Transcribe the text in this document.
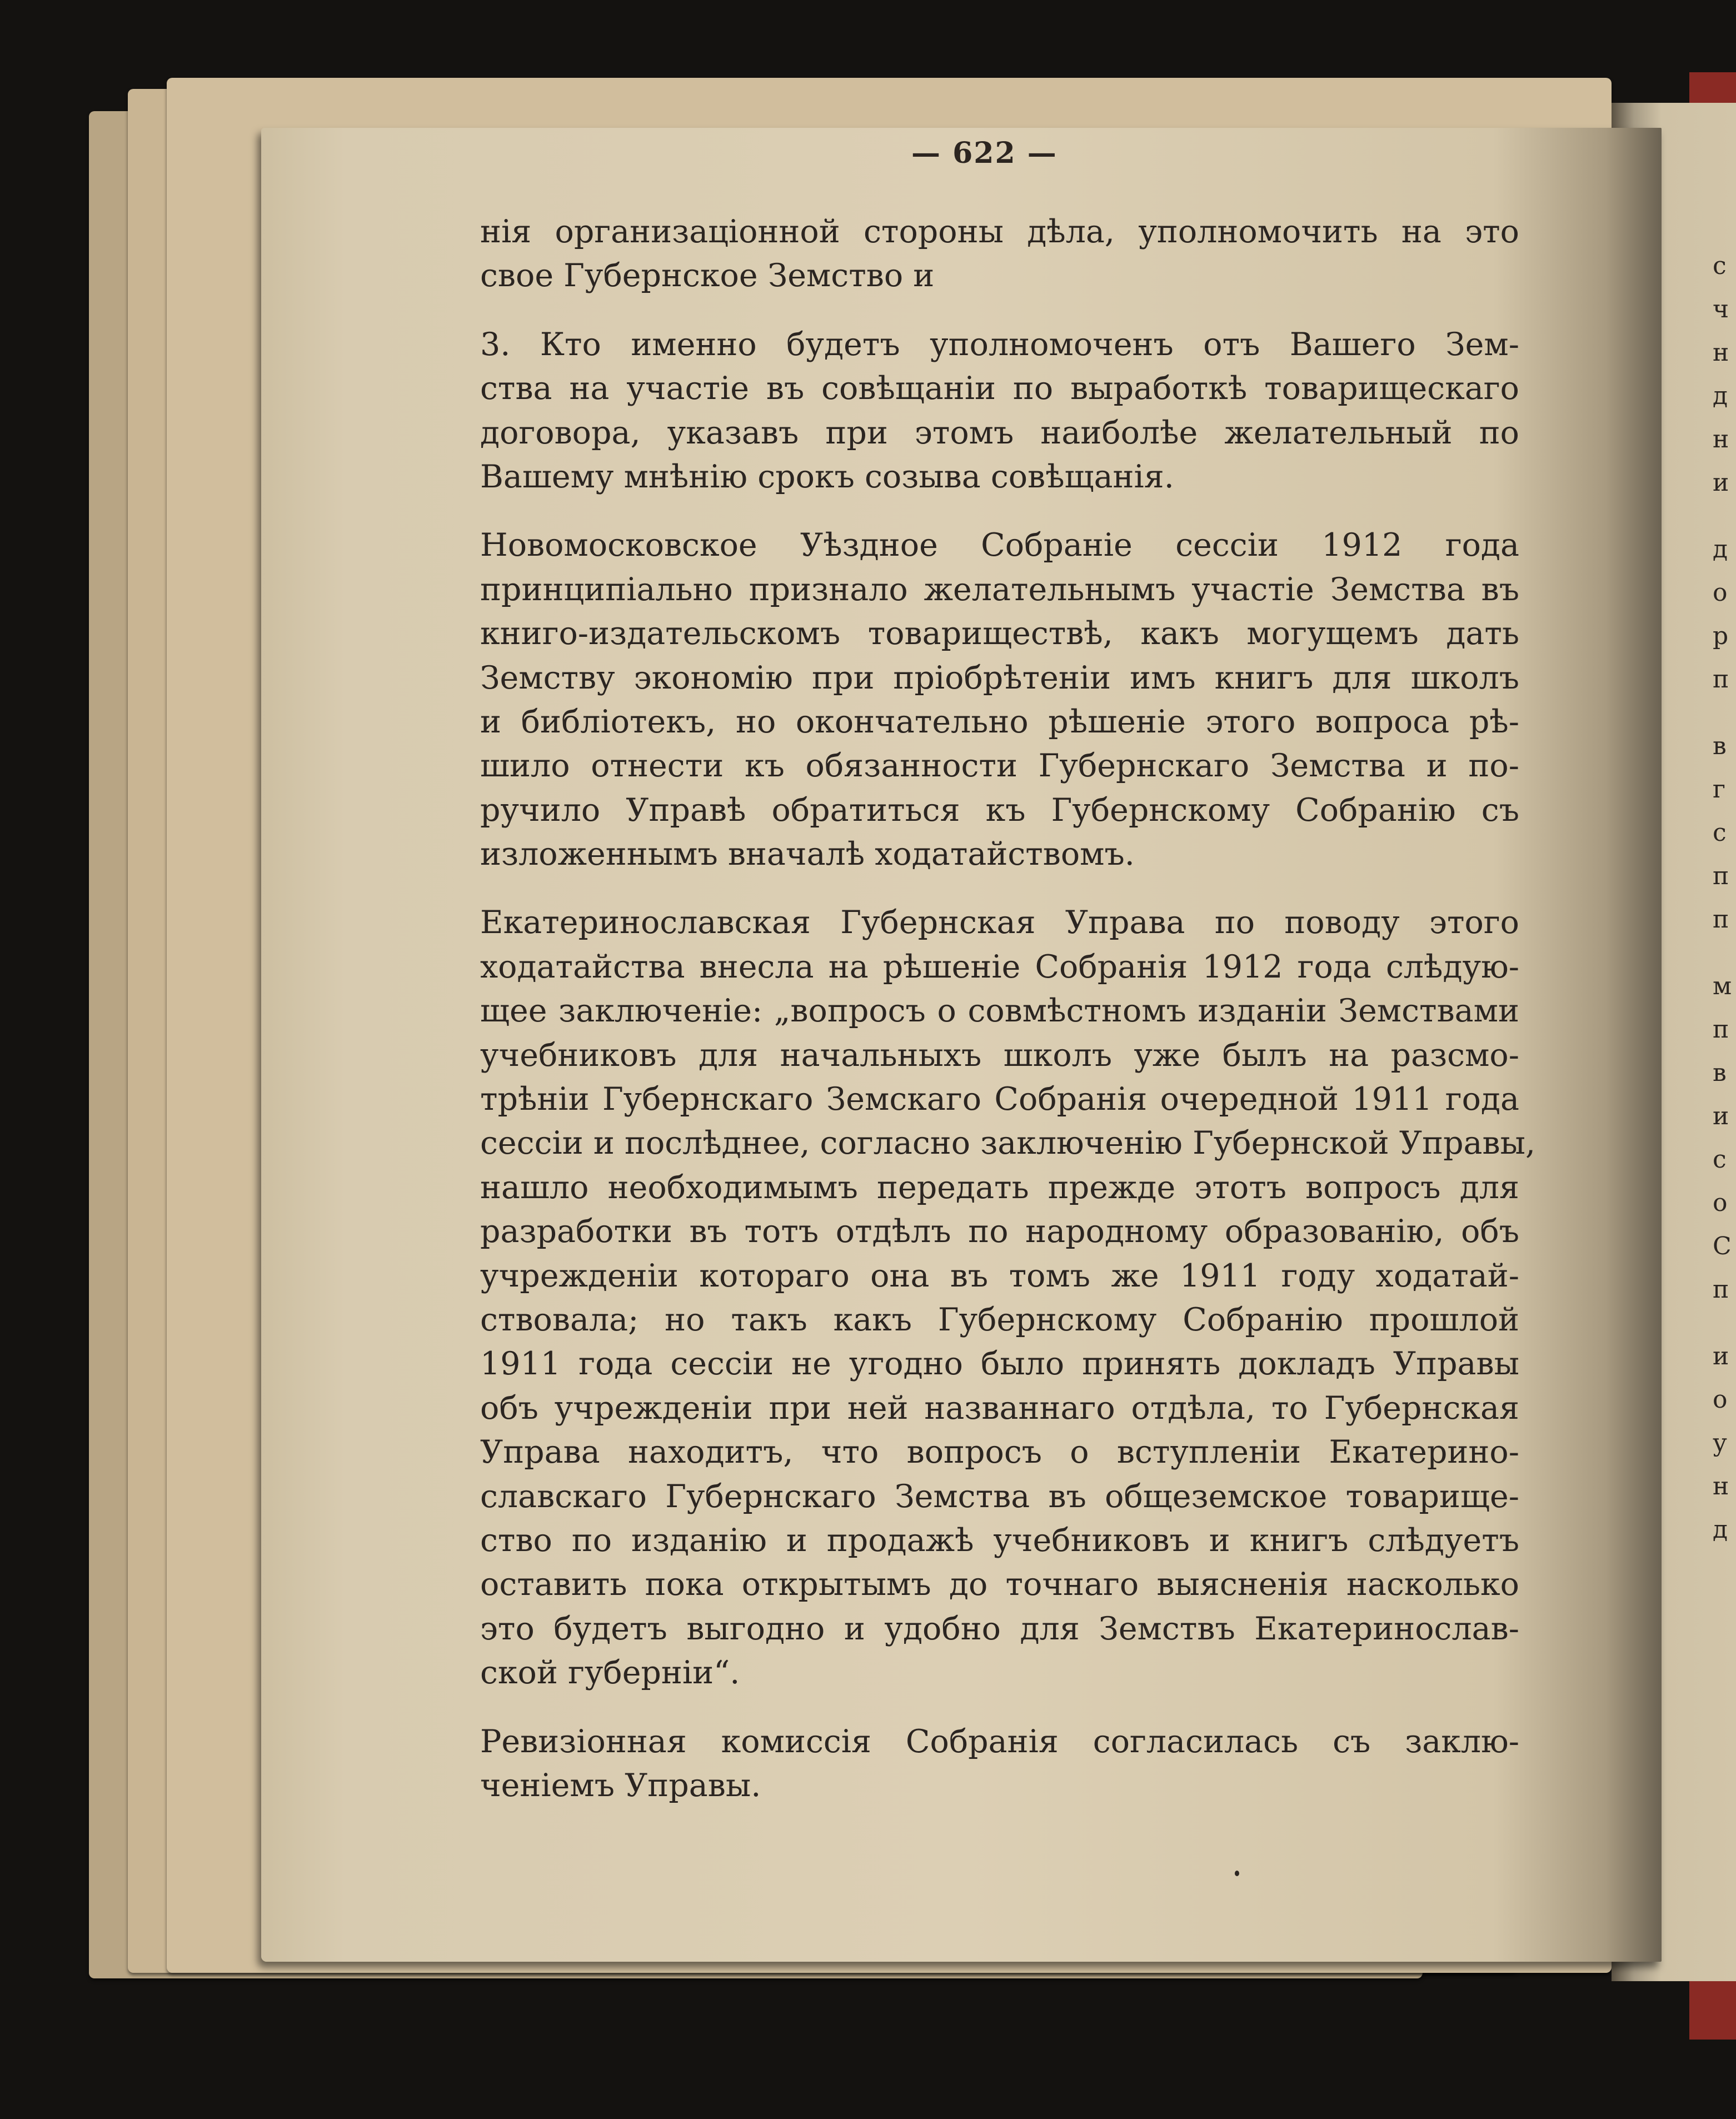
— 622 —
нія организаціонной стороны дѣла, уполномочить на это
свое Губернское Земство и
3. Кто именно будетъ уполномоченъ отъ Вашего Зем-
ства на участіе въ совѣщаніи по выработкѣ товарищескаго
договора, указавъ при этомъ наиболѣе желательный по
Вашему мнѣнію срокъ созыва совѣщанія.
Новомосковское Уѣздное Собраніе сессіи 1912 года
принципіально признало желательнымъ участіе Земства въ
книго-издательскомъ товариществѣ, какъ могущемъ дать
Земству экономію при пріобрѣтеніи имъ книгъ для школъ
и библіотекъ, но окончательно рѣшеніе этого вопроса рѣ-
шило отнести къ обязанности Губернскаго Земства и по-
ручило Управѣ обратиться къ Губернскому Собранію съ
изложеннымъ вначалѣ ходатайствомъ.
Екатеринославская Губернская Управа по поводу этого
ходатайства внесла на рѣшеніе Собранія 1912 года слѣдую-
щее заключеніе: „вопросъ о совмѣстномъ изданіи Земствами
учебниковъ для начальныхъ школъ уже былъ на разсмо-
трѣніи Губернскаго Земскаго Собранія очередной 1911 года
сессіи и послѣднее, согласно заключенію Губернской Управы,
нашло необходимымъ передать прежде этотъ вопросъ для
разработки въ тотъ отдѣлъ по народному образованію, объ
учрежденіи котораго она въ томъ же 1911 году ходатай-
ствовала; но такъ какъ Губернскому Собранію прошлой
1911 года сессіи не угодно было принять докладъ Управы
объ учрежденіи при ней названнаго отдѣла, то Губернская
Управа находитъ, что вопросъ о вступленіи Екатерино-
славскаго Губернскаго Земства въ общеземское товарище-
ство по изданію и продажѣ учебниковъ и книгъ слѣдуетъ
оставить пока открытымъ до точнаго выясненія насколько
это будетъ выгодно и удобно для Земствъ Екатеринослав-
ской губерніи“.
Ревизіонная комиссія Собранія согласилась съ заклю-
ченіемъ Управы.
с
ч
н
д
н
и
д
о
р
п
в
г
с
п
п
м
п
в
и
с
о
С
п
и
о
у
н
д
